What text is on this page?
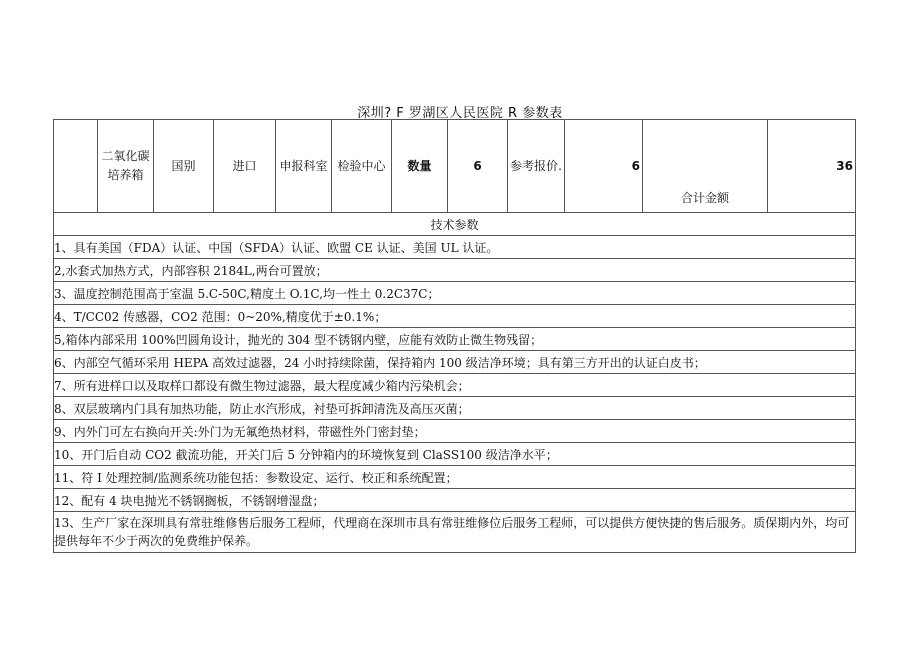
深圳? F 罗湖区人民医院 R 参数表
	二氧化碳培养箱	国别	进口	申报科室	检验中心	数量	6	参考报价.	6	合计金额	36
技术参数
1、具有美国（FDA）认证、中国（SFDA）认证、欧盟 CE 认证、美国 UL 认证。
2,水套式加热方式，内部容积 2184L,两台可置放；
3、温度控制范围高于室温 5.C-50C,精度土 O.1C,均一性土 0.2C37C；
4、T/CC02 传感器，CO2 范围：0~20%,精度优于±0.1%；
5,箱体内部采用 100%凹圆角设计，抛光的 304 型不锈钢内壁，应能有效防止微生物残留；
6、内部空气循环采用 HEPA 高效过滤器，24 小时持续除菌，保持箱内 100 级洁净环境；具有第三方开出的认证白皮书；
7、所有进样口以及取样口都设有微生物过滤器，最大程度减少箱内污染机会；
8、双层玻璃内门具有加热功能，防止水汽形成，衬垫可拆卸清洗及高压灭菌；
9、内外门可左右换向开关:外门为无氟绝热材料，带磁性外门密封垫；
10、开门后自动 CO2 截流功能，开关门后 5 分钟箱内的环境恢复到 ClaSS100 级洁净水平；
11、符 I 处理控制/监测系统功能包括：参数设定、运行、校正和系统配置；
12、配有 4 块电抛光不锈钢搁板，不锈钢增湿盘；
13、生产厂家在深圳具有常驻维修售后服务工程师，代理商在深圳市具有常驻维修位后服务工程师，可以提供方便快捷的售后服务。质保期内外，均可提供每年不少于两次的免费维护保养。
